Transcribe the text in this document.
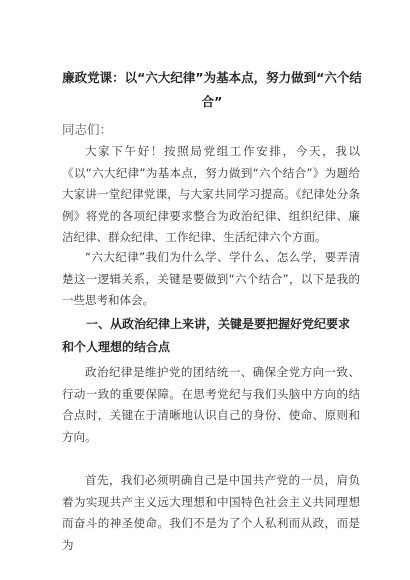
廉政党课：以“六大纪律”为基本点，努力做到“六个结合”
同志们：

大家下午好！按照局党组工作安排，今天，我以《以“六大纪律”为基本点，努力做到“六个结合”》为题给大家讲一堂纪律党课，与大家共同学习提高。《纪律处分条例》将党的各项纪律要求整合为政治纪律、组织纪律、廉洁纪律、群众纪律、工作纪律、生活纪律六个方面。

“六大纪律”我们为什么学、学什么、怎么学，要弄清楚这一逻辑关系，关键是要做到“六个结合”，以下是我的一些思考和体会。

一、从政治纪律上来讲，关键是要把握好党纪要求和个人理想的结合点

政治纪律是维护党的团结统一、确保全党方向一致、行动一致的重要保障。在思考党纪与我们头脑中方向的结合点时，关键在于清晰地认识自己的身份、使命、原则和方向。

首先，我们必须明确自己是中国共产党的一员，肩负着为实现共产主义远大理想和中国特色社会主义共同理想而奋斗的神圣使命。我们不是为了个人私利而从政，而是为
